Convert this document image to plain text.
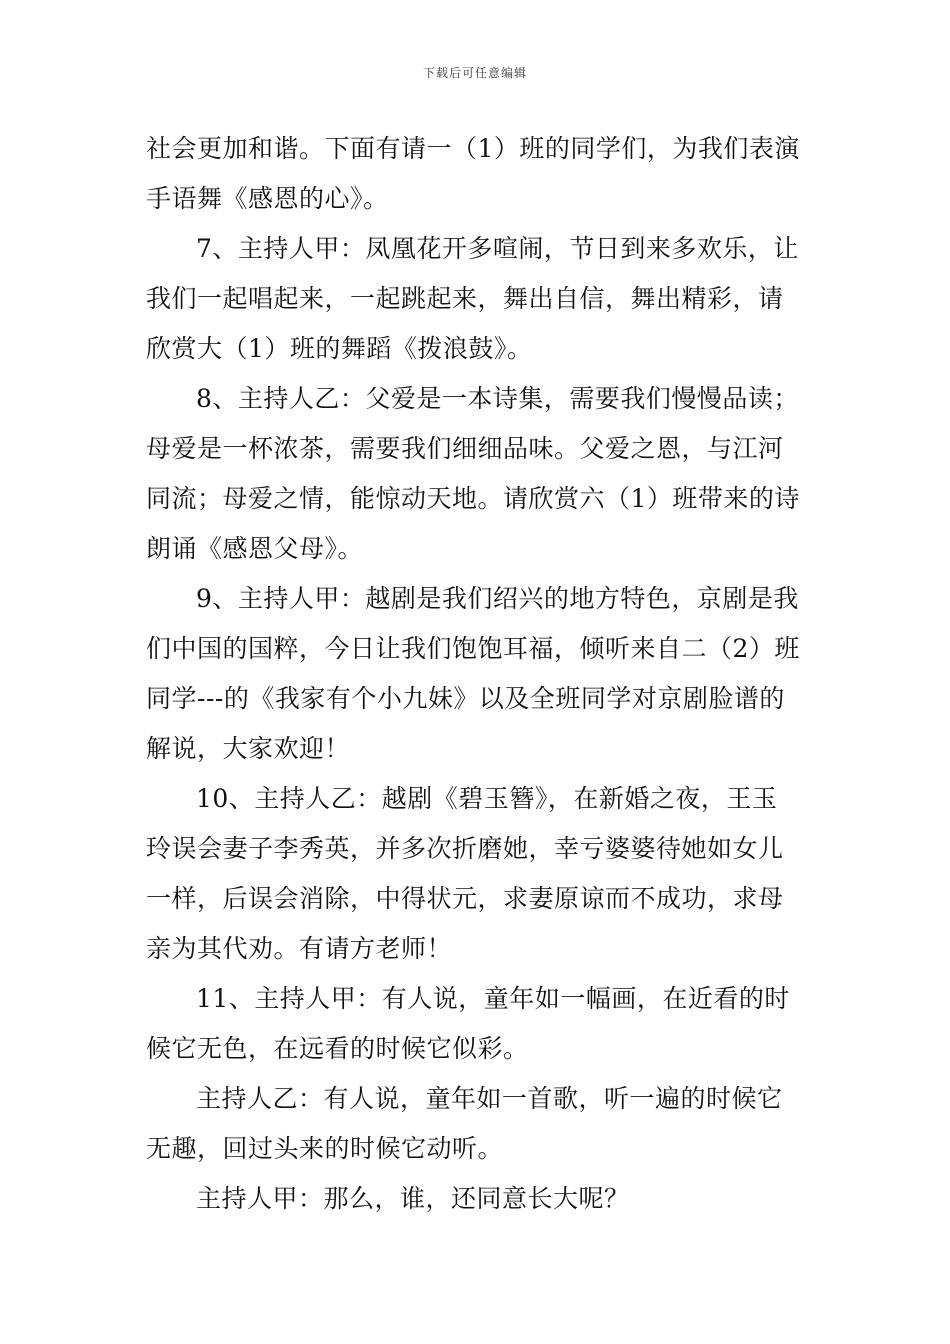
下载后可任意编辑
社会更加和谐。下面有请一（1）班的同学们，为我们表演
手语舞《感恩的心》。
7、主持人甲：凤凰花开多喧闹，节日到来多欢乐，让
我们一起唱起来，一起跳起来，舞出自信，舞出精彩，请
欣赏大（1）班的舞蹈《拨浪鼓》。
8、主持人乙：父爱是一本诗集，需要我们慢慢品读；
母爱是一杯浓茶，需要我们细细品味。父爱之恩，与江河
同流；母爱之情，能惊动天地。请欣赏六（1）班带来的诗
朗诵《感恩父母》。
9、主持人甲：越剧是我们绍兴的地方特色，京剧是我
们中国的国粹，今日让我们饱饱耳福，倾听来自二（2）班
同学---的《我家有个小九妹》以及全班同学对京剧脸谱的
解说，大家欢迎！
10、主持人乙：越剧《碧玉簪》，在新婚之夜，王玉
玲误会妻子李秀英，并多次折磨她，幸亏婆婆待她如女儿
一样，后误会消除，中得状元，求妻原谅而不成功，求母
亲为其代劝。有请方老师！
11、主持人甲：有人说，童年如一幅画，在近看的时
候它无色，在远看的时候它似彩。
主持人乙：有人说，童年如一首歌，听一遍的时候它
无趣，回过头来的时候它动听。
主持人甲：那么，谁，还同意长大呢？
